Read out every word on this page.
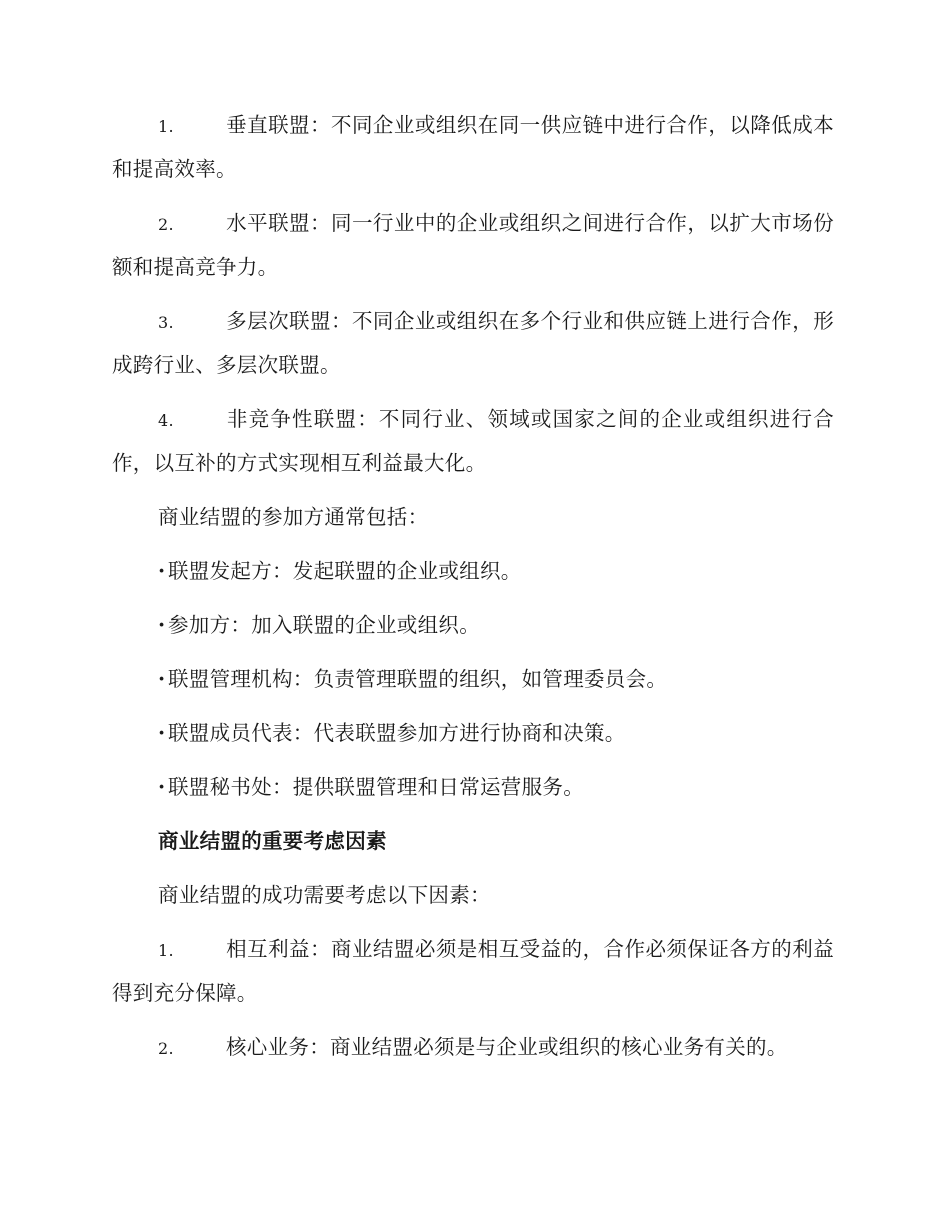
1.	垂直联盟：不同企业或组织在同一供应链中进行合作，以降低成本和提高效率。

2.	水平联盟：同一行业中的企业或组织之间进行合作，以扩大市场份额和提高竞争力。

3.	多层次联盟：不同企业或组织在多个行业和供应链上进行合作，形成跨行业、多层次联盟。

4.	非竞争性联盟：不同行业、领域或国家之间的企业或组织进行合作，以互补的方式实现相互利益最大化。

商业结盟的参加方通常包括：

· 联盟发起方：发起联盟的企业或组织。

· 参加方：加入联盟的企业或组织。

· 联盟管理机构：负责管理联盟的组织，如管理委员会。

· 联盟成员代表：代表联盟参加方进行协商和决策。

· 联盟秘书处：提供联盟管理和日常运营服务。

商业结盟的重要考虑因素

商业结盟的成功需要考虑以下因素：

1.	相互利益：商业结盟必须是相互受益的，合作必须保证各方的利益得到充分保障。

2.	核心业务：商业结盟必须是与企业或组织的核心业务有关的。
